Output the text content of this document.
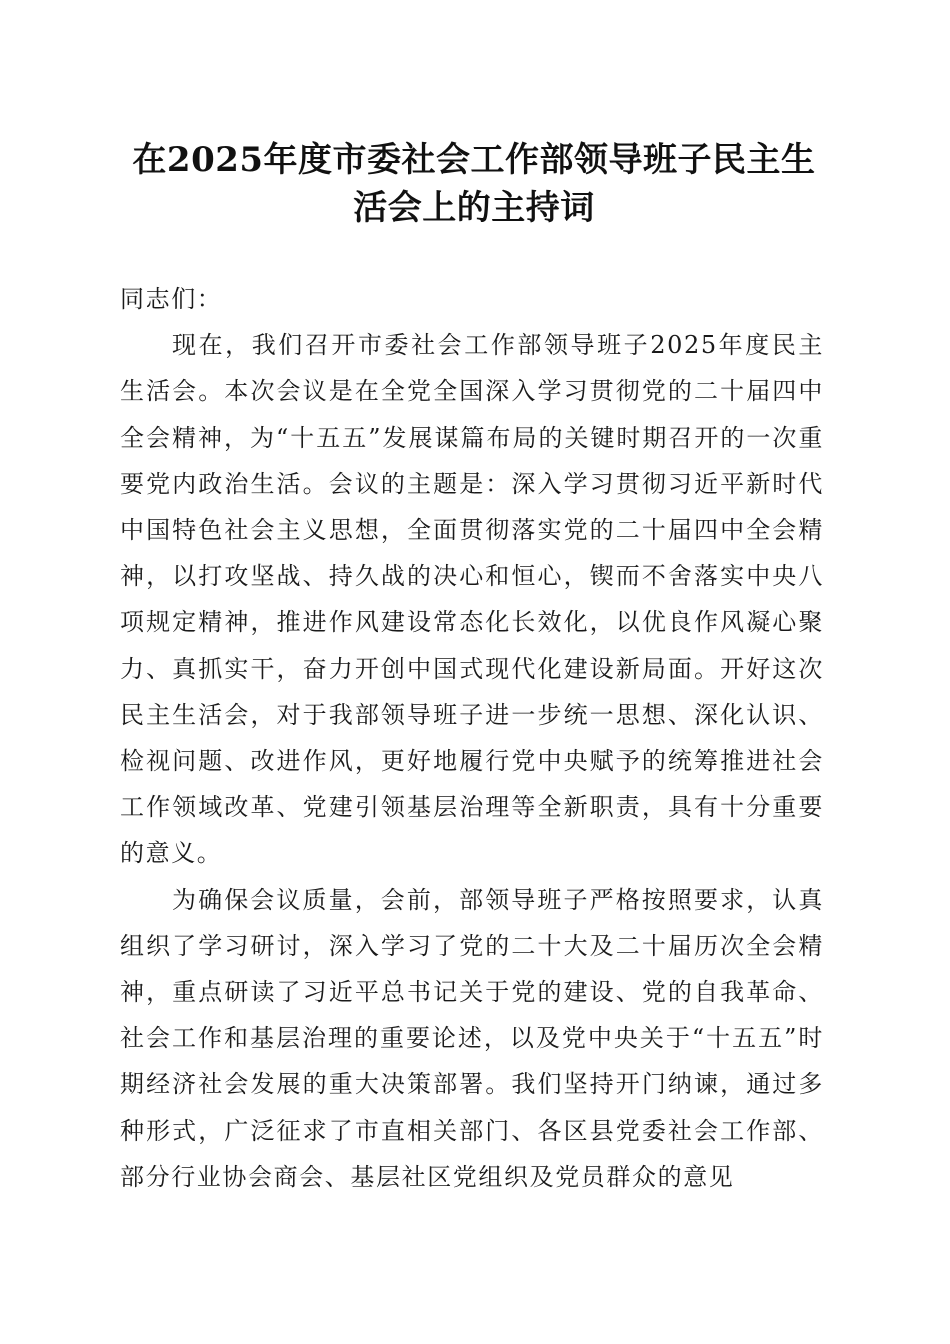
在2025年度市委社会工作部领导班子民主生活会上的主持词

同志们：

现在，我们召开市委社会工作部领导班子2025年度民主生活会。本次会议是在全党全国深入学习贯彻党的二十届四中全会精神，为“十五五”发展谋篇布局的关键时期召开的一次重要党内政治生活。会议的主题是：深入学习贯彻习近平新时代中国特色社会主义思想，全面贯彻落实党的二十届四中全会精神，以打攻坚战、持久战的决心和恒心，锲而不舍落实中央八项规定精神，推进作风建设常态化长效化，以优良作风凝心聚力、真抓实干，奋力开创中国式现代化建设新局面。开好这次民主生活会，对于我部领导班子进一步统一思想、深化认识、检视问题、改进作风，更好地履行党中央赋予的统筹推进社会工作领域改革、党建引领基层治理等全新职责，具有十分重要的意义。

为确保会议质量，会前，部领导班子严格按照要求，认真组织了学习研讨，深入学习了党的二十大及二十届历次全会精神，重点研读了习近平总书记关于党的建设、党的自我革命、社会工作和基层治理的重要论述，以及党中央关于“十五五”时期经济社会发展的重大决策部署。我们坚持开门纳谏，通过多种形式，广泛征求了市直相关部门、各区县党委社会工作部、部分行业协会商会、基层社区党组织及党员群众的意见
